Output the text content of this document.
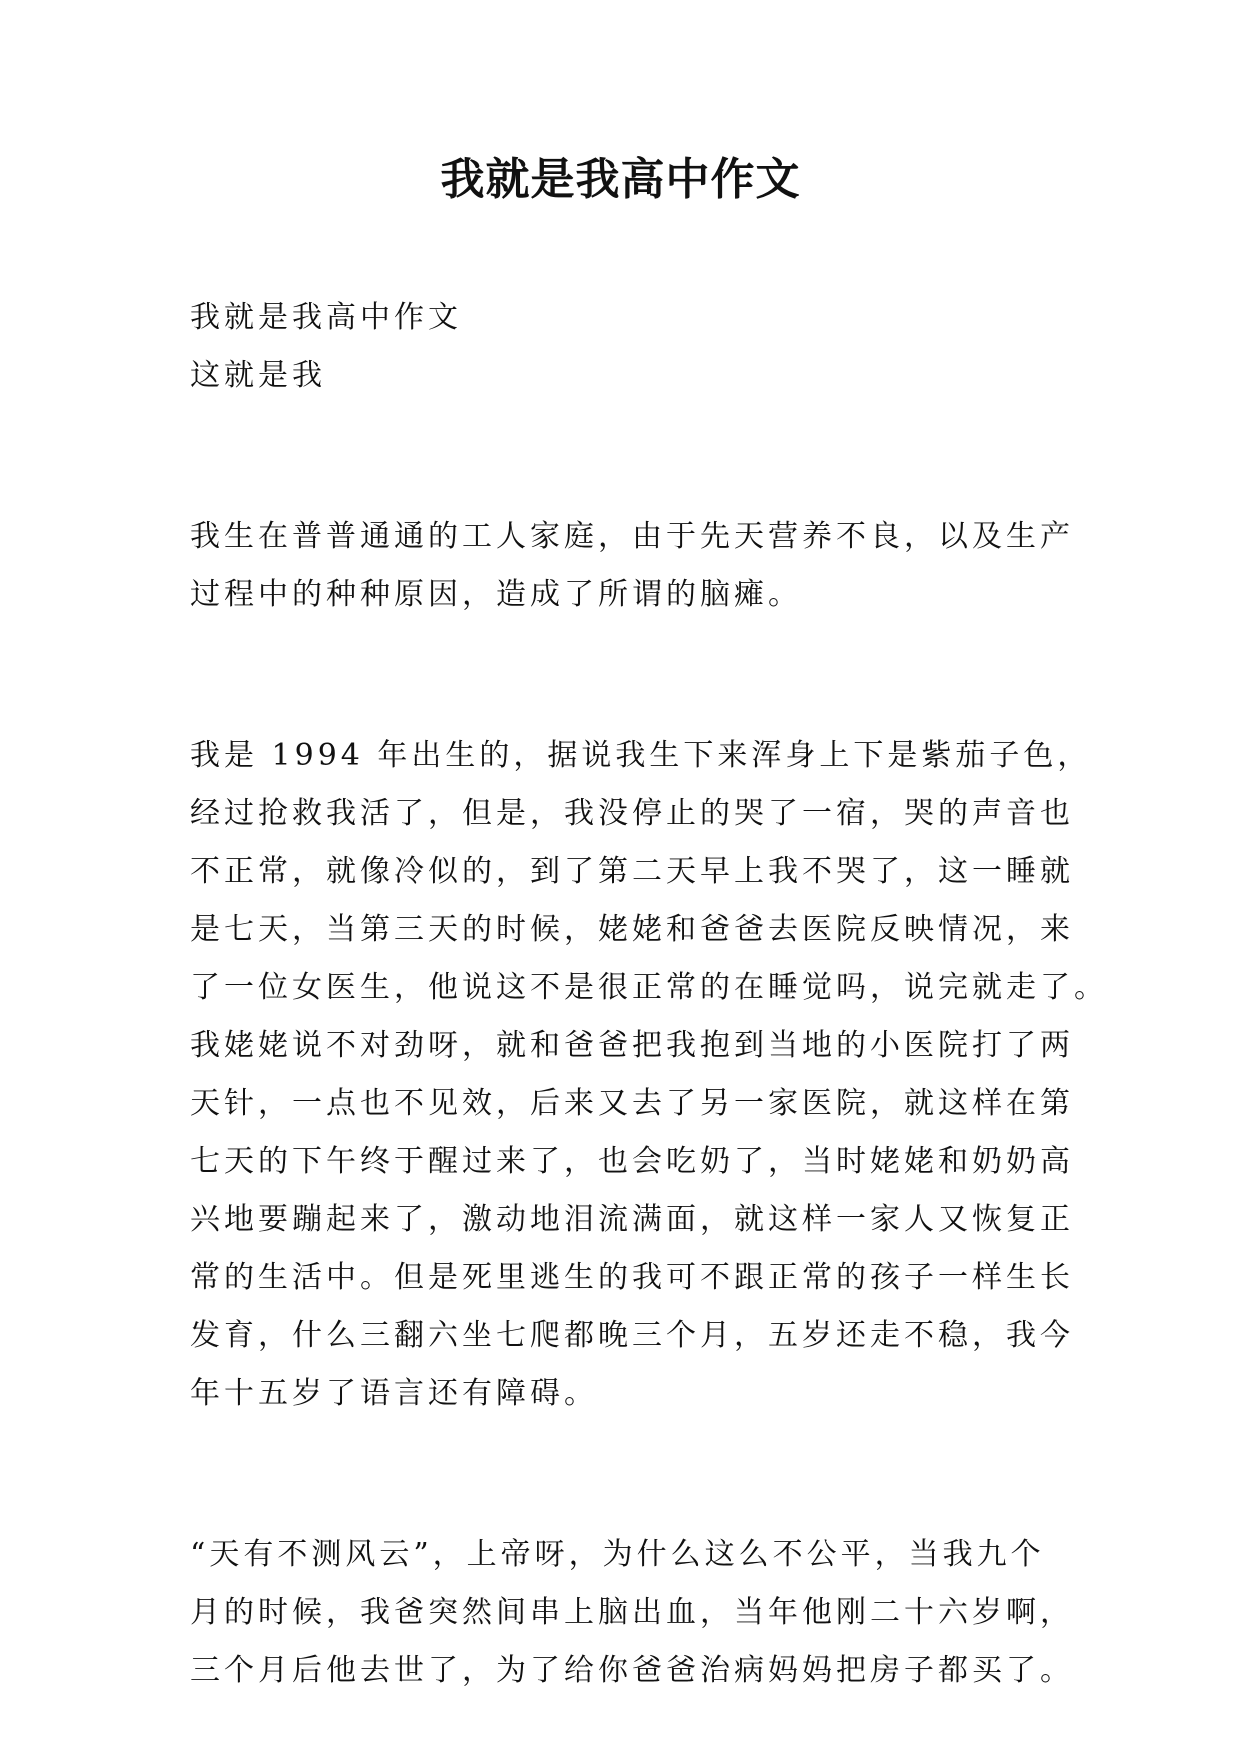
我就是我高中作文
我就是我高中作文
这就是我
我生在普普通通的工人家庭，由于先天营养不良，以及生产
过程中的种种原因，造成了所谓的脑瘫。
我是 1994 年出生的，据说我生下来浑身上下是紫茄子色，
经过抢救我活了，但是，我没停止的哭了一宿，哭的声音也
不正常，就像冷似的，到了第二天早上我不哭了，这一睡就
是七天，当第三天的时候，姥姥和爸爸去医院反映情况，来
了一位女医生，他说这不是很正常的在睡觉吗，说完就走了。
我姥姥说不对劲呀，就和爸爸把我抱到当地的小医院打了两
天针，一点也不见效，后来又去了另一家医院，就这样在第
七天的下午终于醒过来了，也会吃奶了，当时姥姥和奶奶高
兴地要蹦起来了，激动地泪流满面，就这样一家人又恢复正
常的生活中。但是死里逃生的我可不跟正常的孩子一样生长
发育，什么三翻六坐七爬都晚三个月，五岁还走不稳，我今
年十五岁了语言还有障碍。
“天有不测风云”，上帝呀，为什么这么不公平，当我九个
月的时候，我爸突然间串上脑出血，当年他刚二十六岁啊，
三个月后他去世了，为了给你爸爸治病妈妈把房子都买了。
